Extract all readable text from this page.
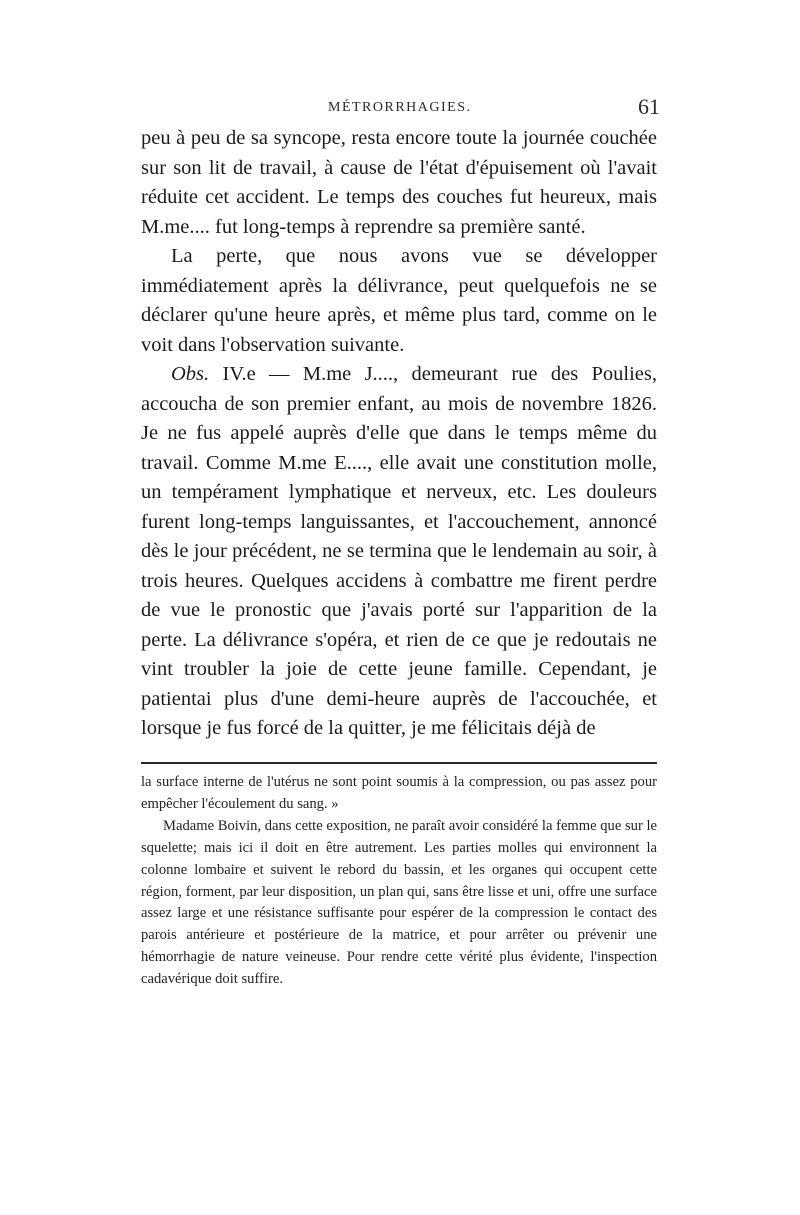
MÉTRORRHAGIES.	61

peu à peu de sa syncope, resta encore toute la journée couchée sur son lit de travail, à cause de l'état d'épuisement où l'avait réduite cet accident. Le temps des couches fut heureux, mais M.me.... fut long-temps à reprendre sa première santé.

La perte, que nous avons vue se développer immédiatement après la délivrance, peut quelquefois ne se déclarer qu'une heure après, et même plus tard, comme on le voit dans l'observation suivante.

Obs. IV.e — M.me J...., demeurant rue des Poulies, accoucha de son premier enfant, au mois de novembre 1826. Je ne fus appelé auprès d'elle que dans le temps même du travail. Comme M.me E...., elle avait une constitution molle, un tempérament lymphatique et nerveux, etc. Les douleurs furent long-temps languissantes, et l'accouchement, annoncé dès le jour précédent, ne se termina que le lendemain au soir, à trois heures. Quelques accidens à combattre me firent perdre de vue le pronostic que j'avais porté sur l'apparition de la perte. La délivrance s'opéra, et rien de ce que je redoutais ne vint troubler la joie de cette jeune famille. Cependant, je patientai plus d'une demi-heure auprès de l'accouchée, et lorsque je fus forcé de la quitter, je me félicitais déjà de

la surface interne de l'utérus ne sont point soumis à la compression, ou pas assez pour empêcher l'écoulement du sang. »

Madame Boivin, dans cette exposition, ne paraît avoir considéré la femme que sur le squelette; mais ici il doit en être autrement. Les parties molles qui environnent la colonne lombaire et suivent le rebord du bassin, et les organes qui occupent cette région, forment, par leur disposition, un plan qui, sans être lisse et uni, offre une surface assez large et une résistance suffisante pour espérer de la compression le contact des parois antérieure et postérieure de la matrice, et pour arrêter ou prévenir une hémorrhagie de nature veineuse. Pour rendre cette vérité plus évidente, l'inspection cadavérique doit suffire.
